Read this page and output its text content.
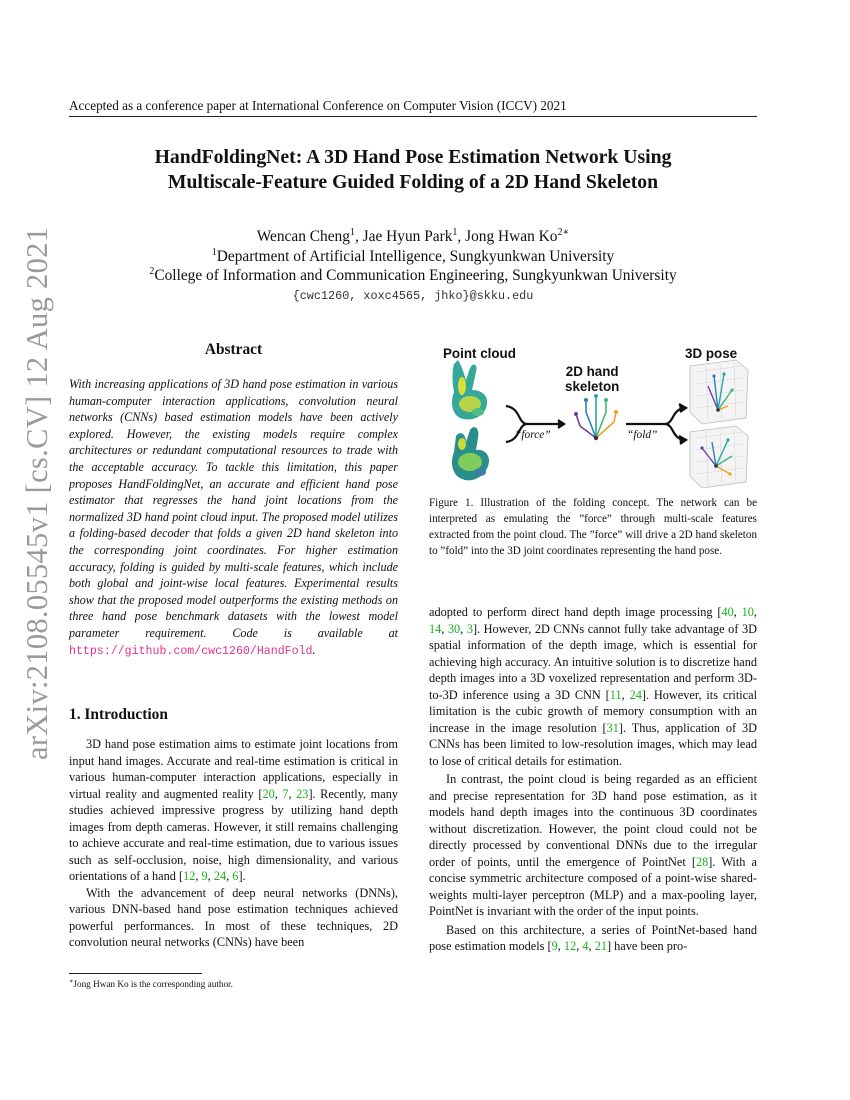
Accepted as a conference paper at International Conference on Computer Vision (ICCV) 2021
arXiv:2108.05545v1 [cs.CV] 12 Aug 2021
HandFoldingNet: A 3D Hand Pose Estimation Network Using
Multiscale-Feature Guided Folding of a 2D Hand Skeleton
Wencan Cheng$^1$, Jae Hyun Park$^1$, Jong Hwan $Ko^{2∗}$
$^1$Department of Artificial Intelligence, Sungkyunkwan University
$^2$College of Information and Communication Engineering, Sungkyunkwan University
{cwc1260, xoxc4565, jhko}@skku.edu
Abstract
With increasing applications of 3D hand pose estimation in various human-computer interaction applications, convolution neural networks (CNNs) based estimation models have been actively explored. However, the existing models require complex architectures or redundant computational resources to trade with the acceptable accuracy. To tackle this limitation, this paper proposes HandFoldingNet, an accurate and efficient hand pose estimator that regresses the hand joint locations from the normalized 3D hand point cloud input. The proposed model utilizes a folding-based decoder that folds a given 2D hand skeleton into the corresponding joint coordinates. For higher estimation accuracy, folding is guided by multi-scale features, which include both global and joint-wise local features. Experimental results show that the proposed model outperforms the existing methods on three hand pose benchmark datasets with the lowest model parameter requirement. Code is available at https://github.com/cwc1260/HandFold.
1. Introduction

3D hand pose estimation aims to estimate joint locations from input hand images. Accurate and real-time estimation is critical in various human-computer interaction applications, especially in virtual reality and augmented reality [20, 7, 23]. Recently, many studies achieved impressive progress by utilizing hand depth images from depth cameras. However, it still remains challenging to achieve accurate and real-time estimation, due to various issues such as self-occlusion, noise, high dimensionality, and various orientations of a hand [12, 9, 24, 6].

With the advancement of deep neural networks (DNNs), various DNN-based hand pose estimation techniques achieved powerful performances. In most of these techniques, 2D convolution neural networks (CNNs) have been

∗Jong Hwan Ko is the corresponding author.
Point cloud
2D hand
skeleton
3D pose
“force”	“fold”
Figure 1. Illustration of the folding concept. The network can be interpreted as emulating the ”force” through multi-scale features extracted from the point cloud. The ”force” will drive a 2D hand skeleton to ”fold” into the 3D joint coordinates representing the hand pose.

adopted to perform direct hand depth image processing [40, 10, 14, 30, 3]. However, 2D CNNs cannot fully take advantage of 3D spatial information of the depth image, which is essential for achieving high accuracy. An intuitive solution is to discretize hand depth images into a 3D voxelized representation and perform 3D-to-3D inference using a 3D CNN [11, 24]. However, its critical limitation is the cubic growth of memory consumption with an increase in the image resolution [31]. Thus, application of 3D CNNs has been limited to low-resolution images, which may lead to lose of critical details for estimation.

In contrast, the point cloud is being regarded as an efficient and precise representation for 3D hand pose estimation, as it models hand depth images into the continuous 3D coordinates without discretization. However, the point cloud could not be directly processed by conventional DNNs due to the irregular order of points, until the emergence of PointNet [28]. With a concise symmetric architecture composed of a point-wise shared-weights multi-layer perceptron (MLP) and a max-pooling layer, PointNet is invariant with the order of the input points.

Based on this architecture, a series of PointNet-based hand pose estimation models [9, 12, 4, 21] have been pro-
